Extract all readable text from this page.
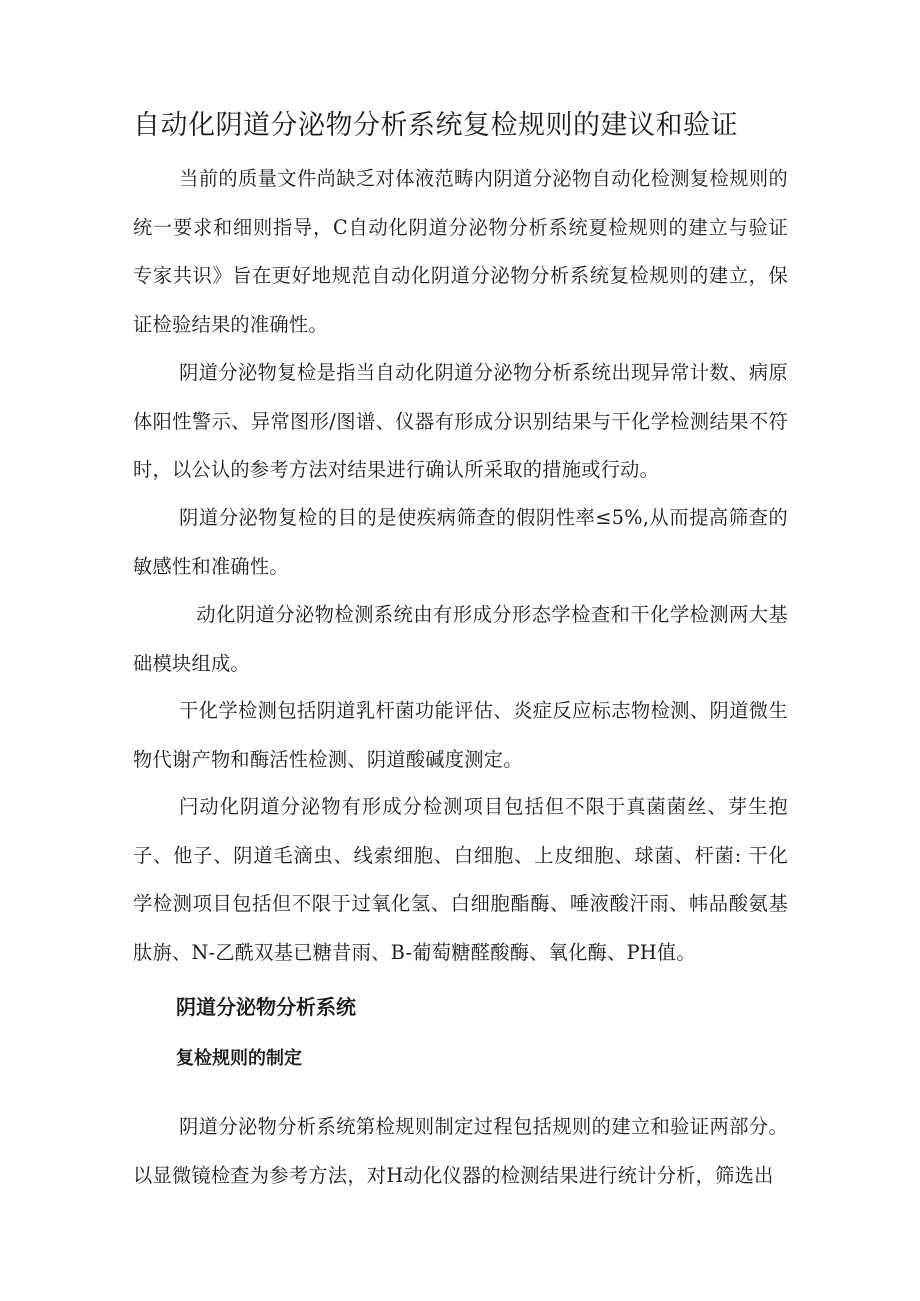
自动化阴道分泌物分析系统复检规则的建议和验证

当前的质量文件尚缺乏对体液范畴内阴道分泌物自动化检测复检规则的统一要求和细则指导，C自动化阴道分泌物分析系统夏检规则的建立与验证专家共识》旨在更好地规范自动化阴道分泌物分析系统复检规则的建立，保证检验结果的准确性。

阴道分泌物复检是指当自动化阴道分泌物分析系统出现异常计数、病原体阳性警示、异常图形/图谱、仪器有形成分识别结果与干化学检测结果不符时，以公认的参考方法对结果进行确认所采取的措施或行动。

阴道分泌物复检的目的是使疾病筛查的假阴性率≤5%,从而提高筛查的敏感性和准确性。

动化阴道分泌物检测系统由有形成分形态学检查和干化学检测两大基础模块组成。

干化学检测包括阴道乳杆菌功能评估、炎症反应标志物检测、阴道微生物代谢产物和酶活性检测、阴道酸碱度测定。

闩动化阴道分泌物有形成分检测项目包括但不限于真菌菌丝、芽生抱子、他子、阴道毛滴虫、线索细胞、白细胞、上皮细胞、球菌、杆菌: 干化学检测项目包括但不限于过氧化氢、白细胞酯酶、唾液酸汗雨、帏品酸氨基肽旃、N-乙酰双基已糖昔雨、B-葡萄糖醛酸酶、氧化酶、PH值。

阴道分泌物分析系统
复检规则的制定

阴道分泌物分析系统第检规则制定过程包括规则的建立和验证两部分。以显微镜检查为参考方法，对H动化仪器的检测结果进行统计分析，筛选出
